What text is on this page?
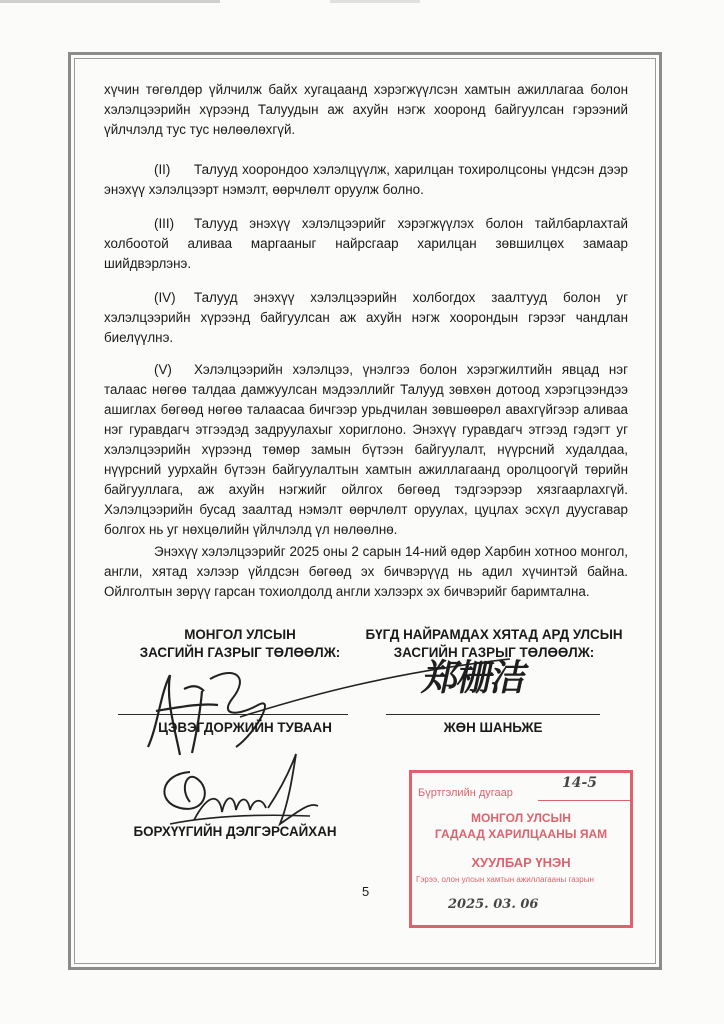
хүчин төгөлдөр үйлчилж байх хугацаанд хэрэгжүүлсэн хамтын ажиллагаа болон хэлэлцээрийн хүрээнд Талуудын аж ахуйн нэгж хооронд байгуулсан гэрээний үйлчлэлд тус тус нөлөөлөхгүй.

(II) Талууд хоорондоо хэлэлцүүлж, харилцан тохиролцсоны үндсэн дээр энэхүү хэлэлцээрт нэмэлт, өөрчлөлт оруулж болно.

(III) Талууд энэхүү хэлэлцээрийг хэрэгжүүлэх болон тайлбарлахтай холбоотой аливаа маргааныг найрсгаар харилцан зөвшилцөх замаар шийдвэрлэнэ.

(IV) Талууд энэхүү хэлэлцээрийн холбогдох заалтууд болон уг хэлэлцээрийн хүрээнд байгуулсан аж ахуйн нэгж хоорондын гэрээг чандлан биелүүлнэ.

(V) Хэлэлцээрийн хэлэлцээ, үнэлгээ болон хэрэгжилтийн явцад нэг талаас нөгөө талдаа дамжуулсан мэдээллийг Талууд зөвхөн дотоод хэрэгцээндээ ашиглах бөгөөд нөгөө талаасаа бичгээр урьдчилан зөвшөөрөл авахгүйгээр аливаа нэг гуравдагч этгээдэд задруулахыг хориглоно. Энэхүү гуравдагч этгээд гэдэгт уг хэлэлцээрийн хүрээнд төмөр замын бүтээн байгуулалт, нүүрсний худалдаа, нүүрсний уурхайн бүтээн байгуулалтын хамтын ажиллагаанд оролцоогүй төрийн байгууллага, аж ахуйн нэгжийг ойлгох бөгөөд тэдгээрээр хязгаарлахгүй. Хэлэлцээрийн бусад заалтад нэмэлт өөрчлөлт оруулах, цуцлах эсхүл дуусгавар болгох нь уг нөхцөлийн үйлчлэлд үл нөлөөлнө.

Энэхүү хэлэлцээрийг 2025 оны 2 сарын 14-ний өдөр Харбин хотноо монгол, англи, хятад хэлээр үйлдсэн бөгөөд эх бичвэрүүд нь адил хүчинтэй байна. Ойлголтын зөрүү гарсан тохиолдолд англи хэлээрх эх бичвэрийг баримтална.

МОНГОЛ УЛСЫН
ЗАСГИЙН ГАЗРЫГ ТӨЛӨӨЛЖ:
БҮГД НАЙРАМДАХ ХЯТАД АРД УЛСЫН
ЗАСГИЙН ГАЗРЫГ ТӨЛӨӨЛЖ:
郑栅洁
ЦЭВЭГДОРЖИЙН ТУВААН	ЖӨН ШАНЬЖЕ
БОРХҮҮГИЙН ДЭЛГЭРСАЙХАН
5
Бүртгэлийн дугаар
14-5
МОНГОЛ УЛСЫН
ГАДААД ХАРИЛЦААНЫ ЯАМ
ХУУЛБАР ҮНЭН
Гэрээ, олон улсын хамтын ажиллагааны газрын
2025. 03. 06
